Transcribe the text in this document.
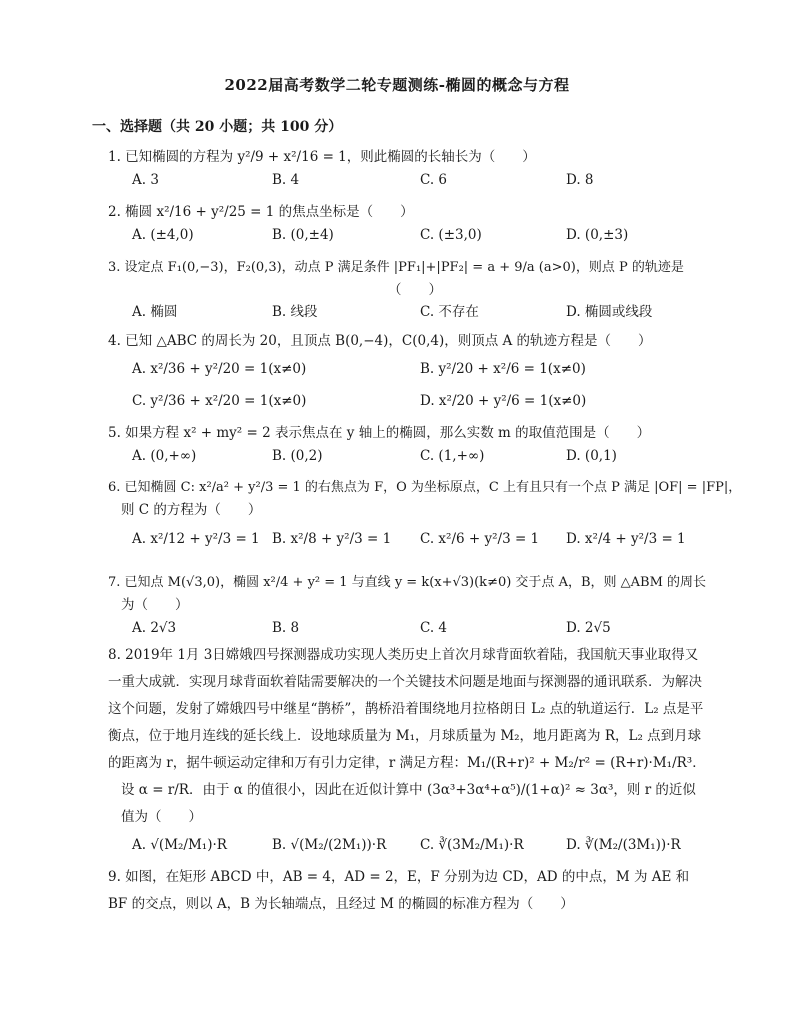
2022届高考数学二轮专题测练-椭圆的概念与方程
一、选择题（共 20 小题；共 100 分）
1. 已知椭圆的方程为 y²/9 + x²/16 = 1，则此椭圆的长轴长为（　　）
A. 3	B. 4	C. 6	D. 8
2. 椭圆 x²/16 + y²/25 = 1 的焦点坐标是（　　）
A. (±4,0)	B. (0,±4)	C. (±3,0)	D. (0,±3)
3. 设定点 F₁(0,−3)，F₂(0,3)，动点 P 满足条件 |PF₁|+|PF₂| = a + 9/a (a>0)，则点 P 的轨迹是
（　　）
A. 椭圆	B. 线段	C. 不存在	D. 椭圆或线段
4. 已知 △ABC 的周长为 20，且顶点 B(0,−4)，C(0,4)，则顶点 A 的轨迹方程是（　　）
A. x²/36 + y²/20 = 1(x≠0)	B. y²/20 + x²/6 = 1(x≠0)
C. y²/36 + x²/20 = 1(x≠0)	D. x²/20 + y²/6 = 1(x≠0)
5. 如果方程 x² + my² = 2 表示焦点在 y 轴上的椭圆，那么实数 m 的取值范围是（　　）
A. (0,+∞)	B. (0,2)	C. (1,+∞)	D. (0,1)
6. 已知椭圆 C: x²/a² + y²/3 = 1 的右焦点为 F，O 为坐标原点，C 上有且只有一个点 P 满足 |OF| = |FP|，
则 C 的方程为（　　）
A. x²/12 + y²/3 = 1 B. x²/8 + y²/3 = 1 C. x²/6 + y²/3 = 1 D. x²/4 + y²/3 = 1
7. 已知点 M(√3,0)，椭圆 x²/4 + y² = 1 与直线 y = k(x+√3)(k≠0) 交于点 A，B，则 △ABM 的周长
为（　　）
A. 2√3	B. 8	C. 4	D. 2√5
8. 2019年 1月 3日嫦娥四号探测器成功实现人类历史上首次月球背面软着陆，我国航天事业取得又一重大成就．实现月球背面软着陆需要解决的一个关键技术问题是地面与探测器的通讯联系．为解决这个问题，发射了嫦娥四号中继星“鹊桥”，鹊桥沿着围绕地月拉格朗日 L₂ 点的轨道运行．L₂ 点是平衡点，位于地月连线的延长线上．设地球质量为 M₁，月球质量为 M₂，地月距离为 R，L₂ 点到月球的距离为 r，据牛顿运动定律和万有引力定律，r 满足方程：M₁/(R+r)² + M₂/r² = (R+r)·M₁/R³．
设 α = r/R．由于 α 的值很小，因此在近似计算中 (3α³+3α⁴+α⁵)/(1+α)² ≈ 3α³，则 r 的近似值为（　　）
A. √(M₂/M₁)·R	B. √(M₂/(2M₁))·R	C. ∛(3M₂/M₁)·R	D. ∛(M₂/(3M₁))·R
9. 如图，在矩形 ABCD 中，AB = 4，AD = 2，E，F 分别为边 CD，AD 的中点，M 为 AE 和 BF 的交点，则以 A，B 为长轴端点，且经过 M 的椭圆的标准方程为（　　）
